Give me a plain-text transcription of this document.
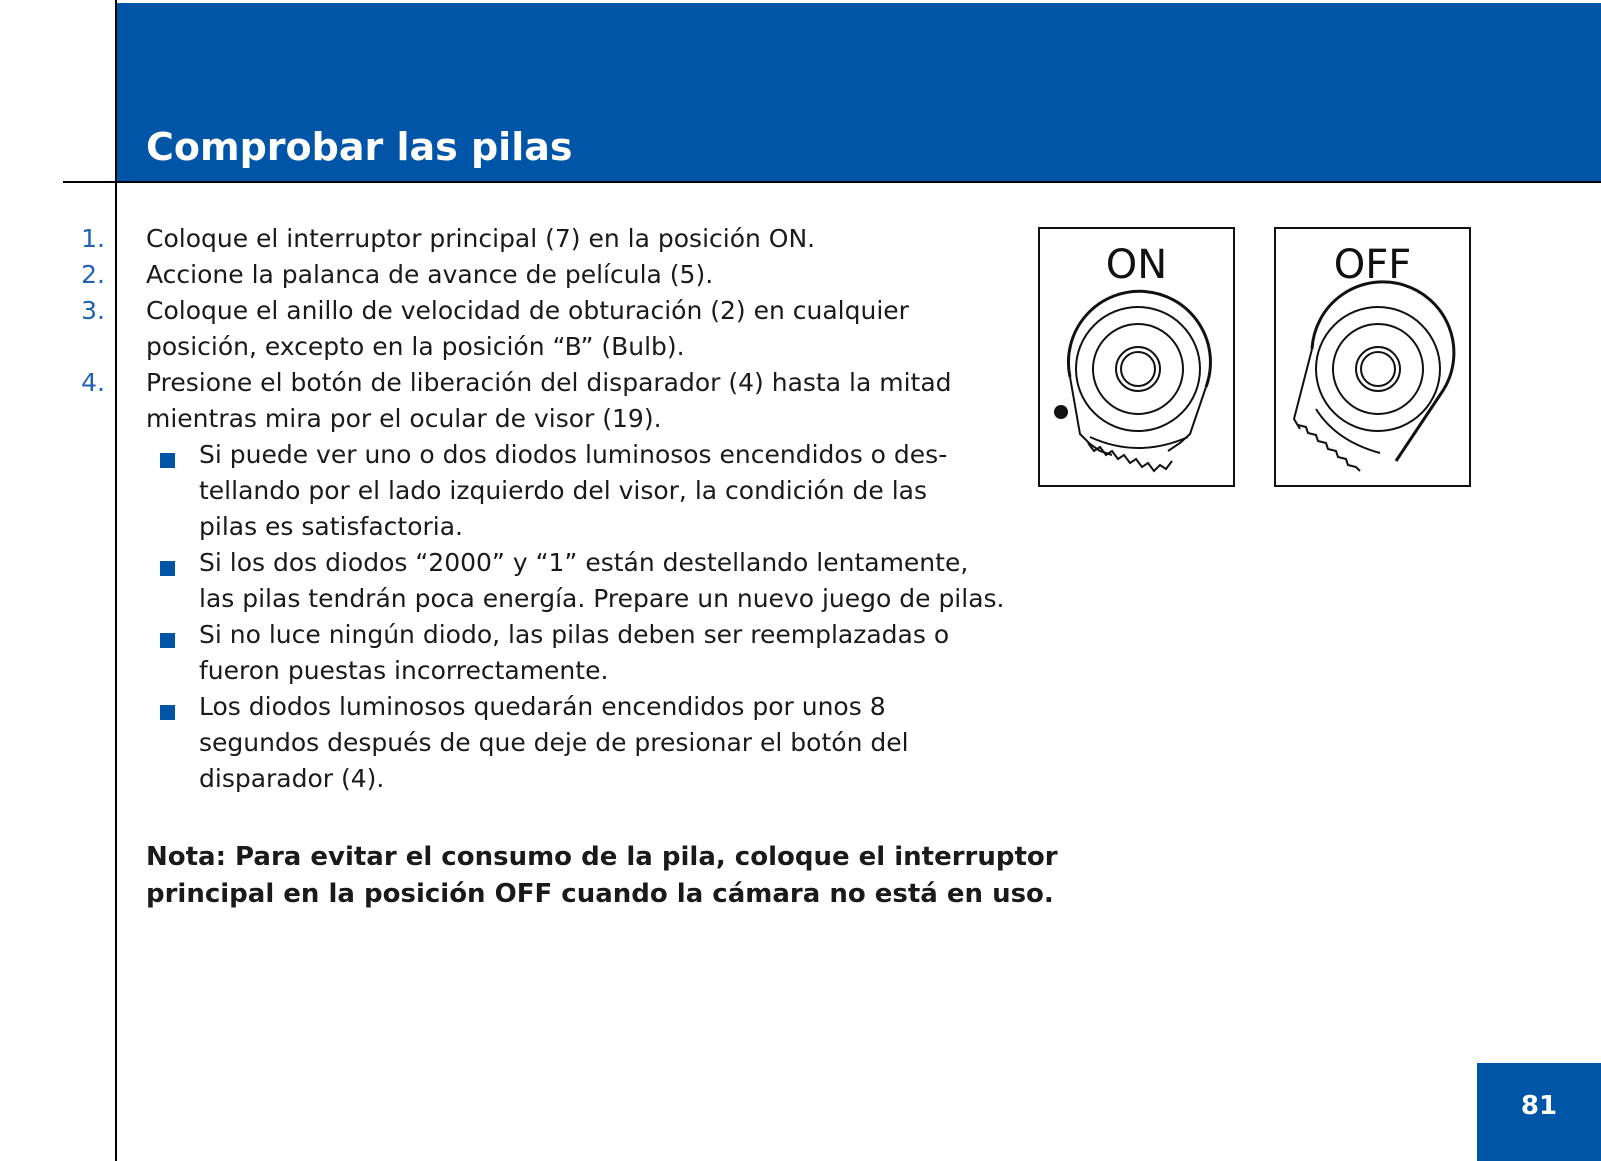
Comprobar las pilas
1. Coloque el interruptor principal (7) en la posición ON.
2. Accione la palanca de avance de película (5).
3. Coloque el anillo de velocidad de obturación (2) en cualquier
posición, excepto en la posición “B” (Bulb).
4. Presione el botón de liberación del disparador (4) hasta la mitad
mientras mira por el ocular de visor (19).
Si puede ver uno o dos diodos luminosos encendidos o des-
tellando por el lado izquierdo del visor, la condición de las
pilas es satisfactoria.
Si los dos diodos “2000” y “1” están destellando lentamente,
las pilas tendrán poca energía. Prepare un nuevo juego de pilas.
Si no luce ningún diodo, las pilas deben ser reemplazadas o
fueron puestas incorrectamente.
Los diodos luminosos quedarán encendidos por unos 8
segundos después de que deje de presionar el botón del
disparador (4).
Nota: Para evitar el consumo de la pila, coloque el interruptor
principal en la posición OFF cuando la cámara no está en uso.
ON	OFF
81
